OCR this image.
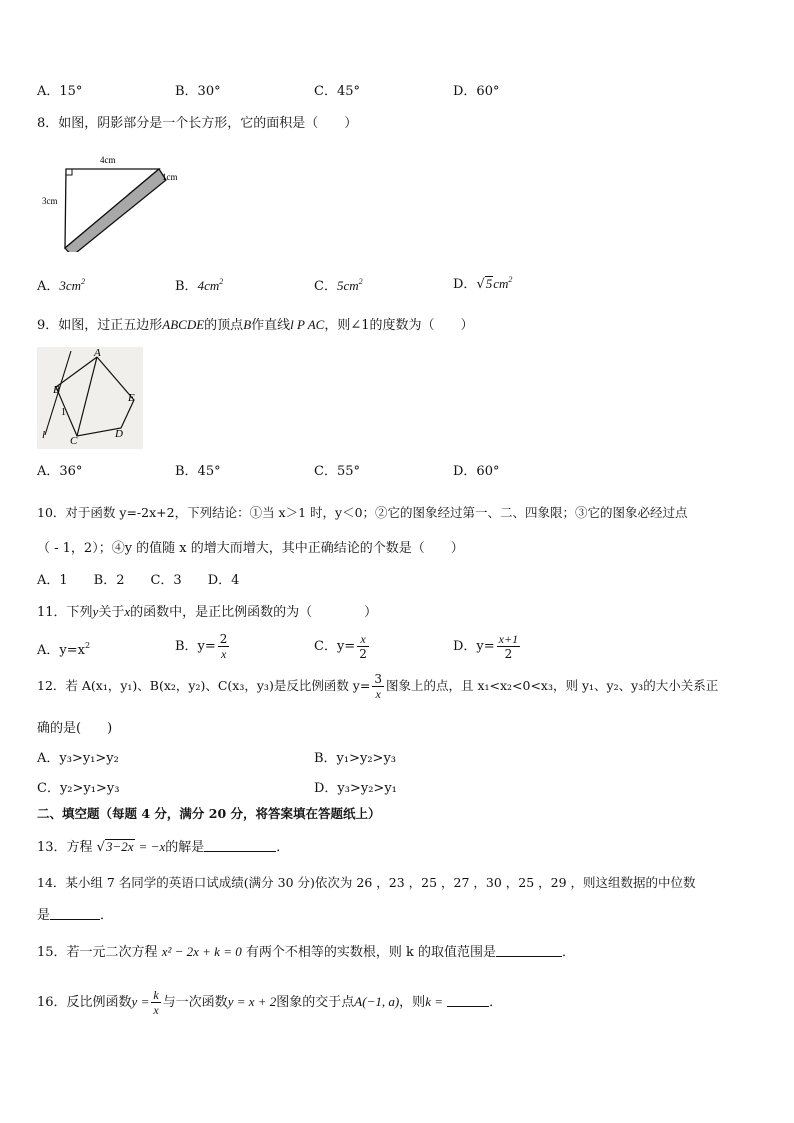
A．15°	B．30°	C．45°	D．60°
8．如图，阴影部分是一个长方形，它的面积是（　　）
4cm
3cm
1cm
A．$3cm^2$	B．$4cm^2$	C．$5cm^2$	D．$√5cm^2$
9．如图，过正五边形ABCDE的顶点B作直线l P AC，则∠1的度数为（　　）
A
B
C
D
E
1
l
A．36°	B．45°	C．55°	D．60°
10．对于函数 y=-2x+2，下列结论：①当 x＞1 时，y＜0；②它的图象经过第一、二、四象限；③它的图象必经过点
（ - 1，2）；④y 的值随 x 的增大而增大，其中正确结论的个数是（　　）
A．1　　B．2　　C．3　　D．4
11．下列y关于x的函数中，是正比例函数的为（　　　　）
A．$y=x^2$	B．$y= \frac{2}{x}$	C．$y= \frac{x}{2}$	D．$y= \frac{x+1}{2}$
12．若 A(x₁，y₁)、B(x₂，y₂)、C(x₃，y₃)是反比例函数 $y= \frac{3}{x}$ 图象上的点，且 x₁<x₂<0<x₃，则 y₁、y₂、y₃的大小关系正
确的是(　　)
A．y₃>y₁>y₂	B．y₁>y₂>y₃
C．y₂>y₁>y₃	D．y₃>y₂>y₁
二、填空题（每题 4 分，满分 20 分，将答案填在答题纸上）
13．方程 √3−2x = −x的解是	．
14．某小组 7 名同学的英语口试成绩(满分 30 分)依次为 26 ，23 ，25 ，27 ，30 ，25 ，29 ，则这组数据的中位数
是	．
15．若一元二次方程 x² − 2x + k = 0 有两个不相等的实数根，则 k 的取值范围是	．
16．反比例函数$y = \frac{k}{x}$ 与一次函数y = x + 2图象的交于点A(−1, a)，则k =	．
